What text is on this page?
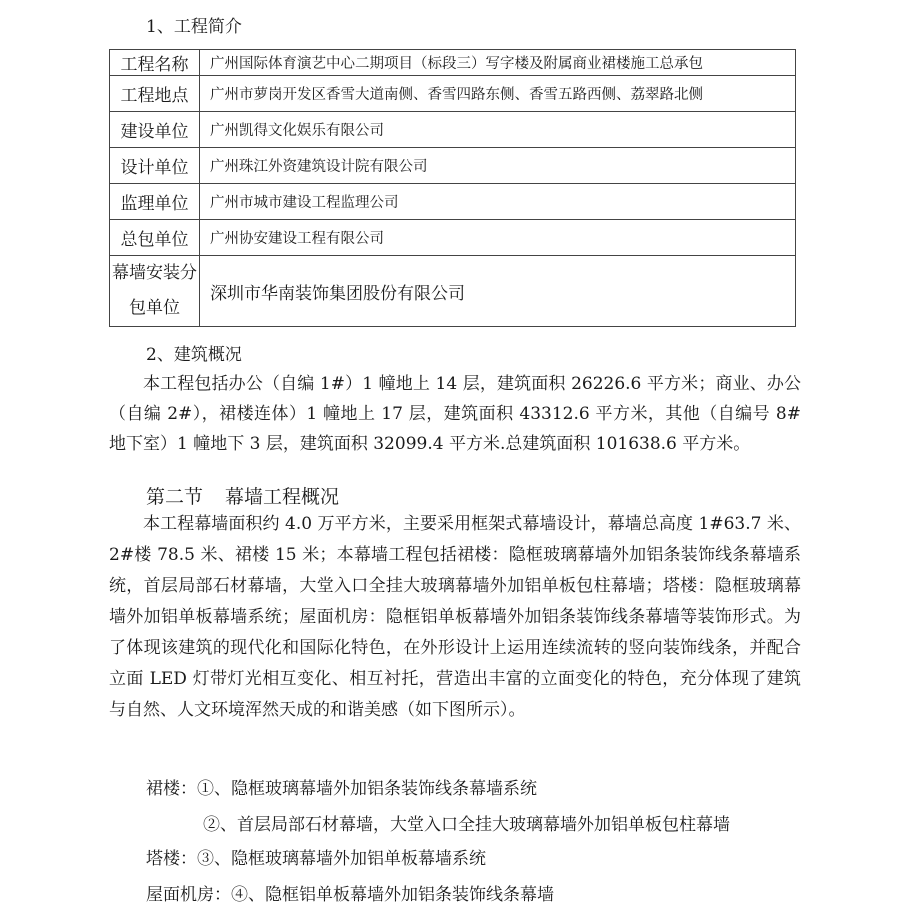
1、工程简介
工程名称	广州国际体育演艺中心二期项目（标段三）写字楼及附属商业裙楼施工总承包
工程地点	广州市萝岗开发区香雪大道南侧、香雪四路东侧、香雪五路西侧、荔翠路北侧
建设单位	广州凯得文化娱乐有限公司
设计单位	广州珠江外资建筑设计院有限公司
监理单位	广州市城市建设工程监理公司
总包单位	广州协安建设工程有限公司
幕墙安装分包单位	深圳市华南装饰集团股份有限公司
2、建筑概况
本工程包括办公（自编 1#）1 幢地上 14 层，建筑面积 26226.6 平方米；商业、办公（自编 2#），裙楼连体）1 幢地上 17 层，建筑面积 43312.6 平方米，其他（自编号 8# 地下室）1 幢地下 3 层，建筑面积 32099.4 平方米.总建筑面积 101638.6 平方米。
第二节 幕墙工程概况
本工程幕墙面积约 4.0 万平方米，主要采用框架式幕墙设计，幕墙总高度 1#63.7 米、2#楼 78.5 米、裙楼 15 米；本幕墙工程包括裙楼：隐框玻璃幕墙外加铝条装饰线条幕墙系统，首层局部石材幕墙，大堂入口全挂大玻璃幕墙外加铝单板包柱幕墙；塔楼：隐框玻璃幕墙外加铝单板幕墙系统；屋面机房：隐框铝单板幕墙外加铝条装饰线条幕墙等装饰形式。为了体现该建筑的现代化和国际化特色，在外形设计上运用连续流转的竖向装饰线条，并配合立面 LED 灯带灯光相互变化、相互衬托，营造出丰富的立面变化的特色，充分体现了建筑与自然、人文环境浑然天成的和谐美感（如下图所示）。
裙楼：①、隐框玻璃幕墙外加铝条装饰线条幕墙系统
②、首层局部石材幕墙，大堂入口全挂大玻璃幕墙外加铝单板包柱幕墙
塔楼：③、隐框玻璃幕墙外加铝单板幕墙系统
屋面机房：④、隐框铝单板幕墙外加铝条装饰线条幕墙
